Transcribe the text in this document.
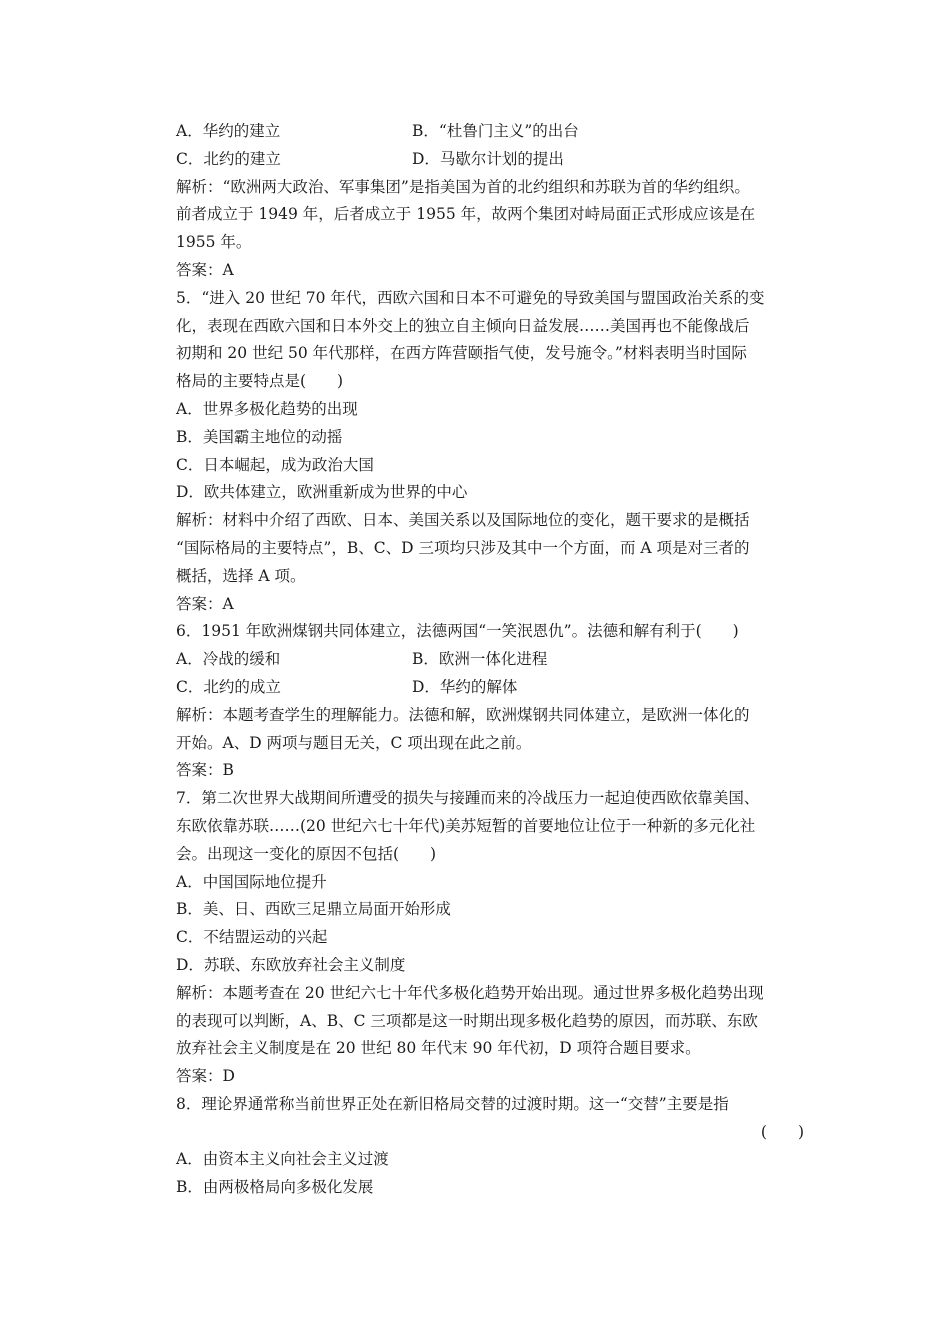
A．华约的建立	B．“杜鲁门主义”的出台
C．北约的建立	D．马歇尔计划的提出
解析：“欧洲两大政治、军事集团”是指美国为首的北约组织和苏联为首的华约组织。
前者成立于 1949 年，后者成立于 1955 年，故两个集团对峙局面正式形成应该是在
1955 年。
答案：A
5．“进入 20 世纪 70 年代，西欧六国和日本不可避免的导致美国与盟国政治关系的变
化，表现在西欧六国和日本外交上的独立自主倾向日益发展……美国再也不能像战后
初期和 20 世纪 50 年代那样，在西方阵营颐指气使，发号施令。”材料表明当时国际
格局的主要特点是(　　)
A．世界多极化趋势的出现
B．美国霸主地位的动摇
C．日本崛起，成为政治大国
D．欧共体建立，欧洲重新成为世界的中心
解析：材料中介绍了西欧、日本、美国关系以及国际地位的变化，题干要求的是概括
“国际格局的主要特点”，B、C、D 三项均只涉及其中一个方面，而 A 项是对三者的
概括，选择 A 项。
答案：A
6．1951 年欧洲煤钢共同体建立，法德两国“一笑泯恩仇”。法德和解有利于(　　)
A．冷战的缓和	B．欧洲一体化进程
C．北约的成立	D．华约的解体
解析：本题考查学生的理解能力。法德和解，欧洲煤钢共同体建立，是欧洲一体化的
开始。A、D 两项与题目无关，C 项出现在此之前。
答案：B
7．第二次世界大战期间所遭受的损失与接踵而来的冷战压力一起迫使西欧依靠美国、
东欧依靠苏联……(20 世纪六七十年代)美苏短暂的首要地位让位于一种新的多元化社
会。出现这一变化的原因不包括(　　)
A．中国国际地位提升
B．美、日、西欧三足鼎立局面开始形成
C．不结盟运动的兴起
D．苏联、东欧放弃社会主义制度
解析：本题考查在 20 世纪六七十年代多极化趋势开始出现。通过世界多极化趋势出现
的表现可以判断，A、B、C 三项都是这一时期出现多极化趋势的原因，而苏联、东欧
放弃社会主义制度是在 20 世纪 80 年代末 90 年代初，D 项符合题目要求。
答案：D
8．理论界通常称当前世界正处在新旧格局交替的过渡时期。这一“交替”主要是指
(　　)
A．由资本主义向社会主义过渡
B．由两极格局向多极化发展
